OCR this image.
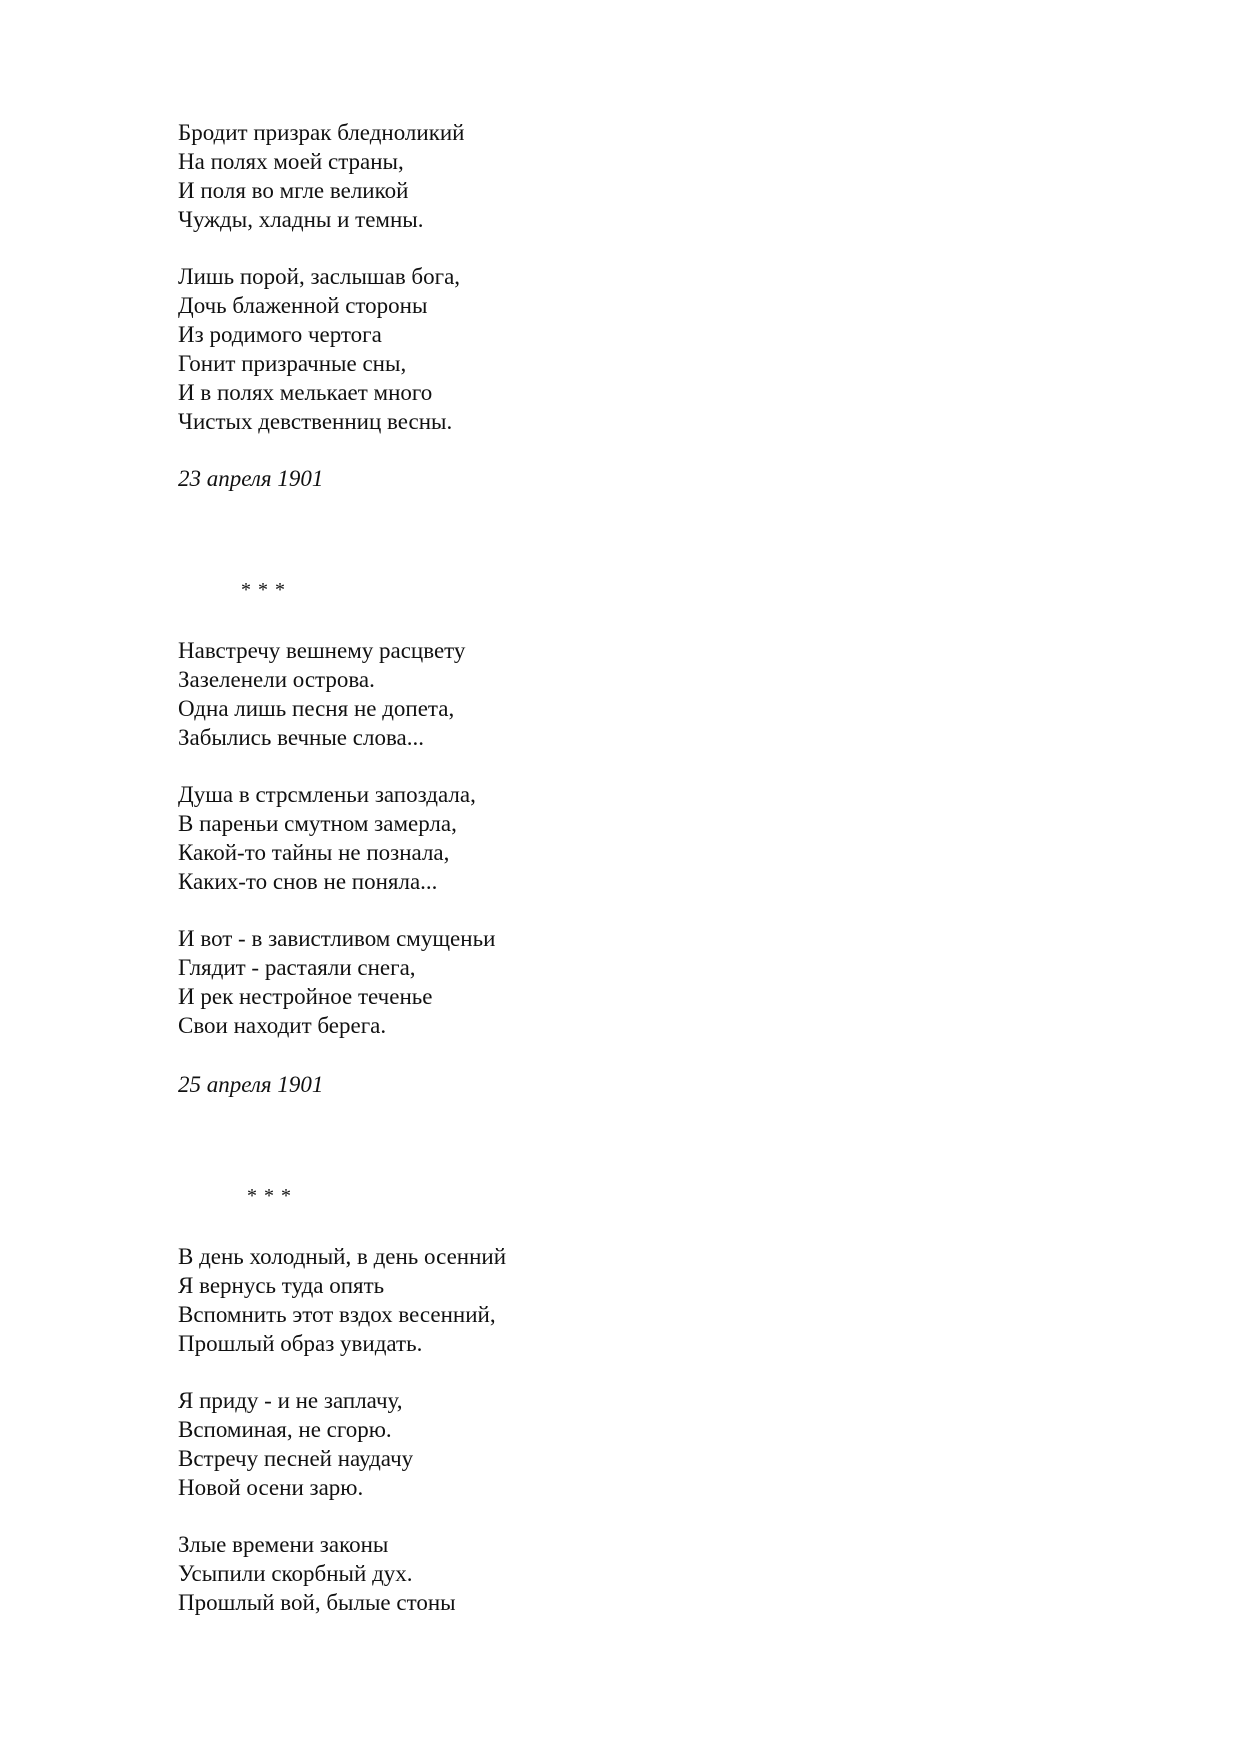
Бродит призрак бледноликий
На полях моей страны,
И поля во мгле великой
Чужды, хладны и темны.
Лишь порой, заслышав бога,
Дочь блаженной стороны
Из родимого чертога
Гонит призрачные сны,
И в полях мелькает много
Чистых девственниц весны.
23 апреля 1901
* * *
Навстречу вешнему расцвету
Зазеленели острова.
Одна лишь песня не допета,
Забылись вечные слова...
Душа в стрсмленьи запоздала,
В пареньи смутном замерла,
Какой-то тайны не познала,
Каких-то снов не поняла...
И вот - в завистливом смущеньи
Глядит - растаяли снега,
И рек нестройное теченье
Свои находит берега.
25 апреля 1901
* * *
В день холодный, в день осенний
Я вернусь туда опять
Вспомнить этот вздох весенний,
Прошлый образ увидать.
Я приду - и не заплачу,
Вспоминая, не сгорю.
Встречу песней наудачу
Новой осени зарю.
Злые времени законы
Усыпили скорбный дух.
Прошлый вой, былые стоны
